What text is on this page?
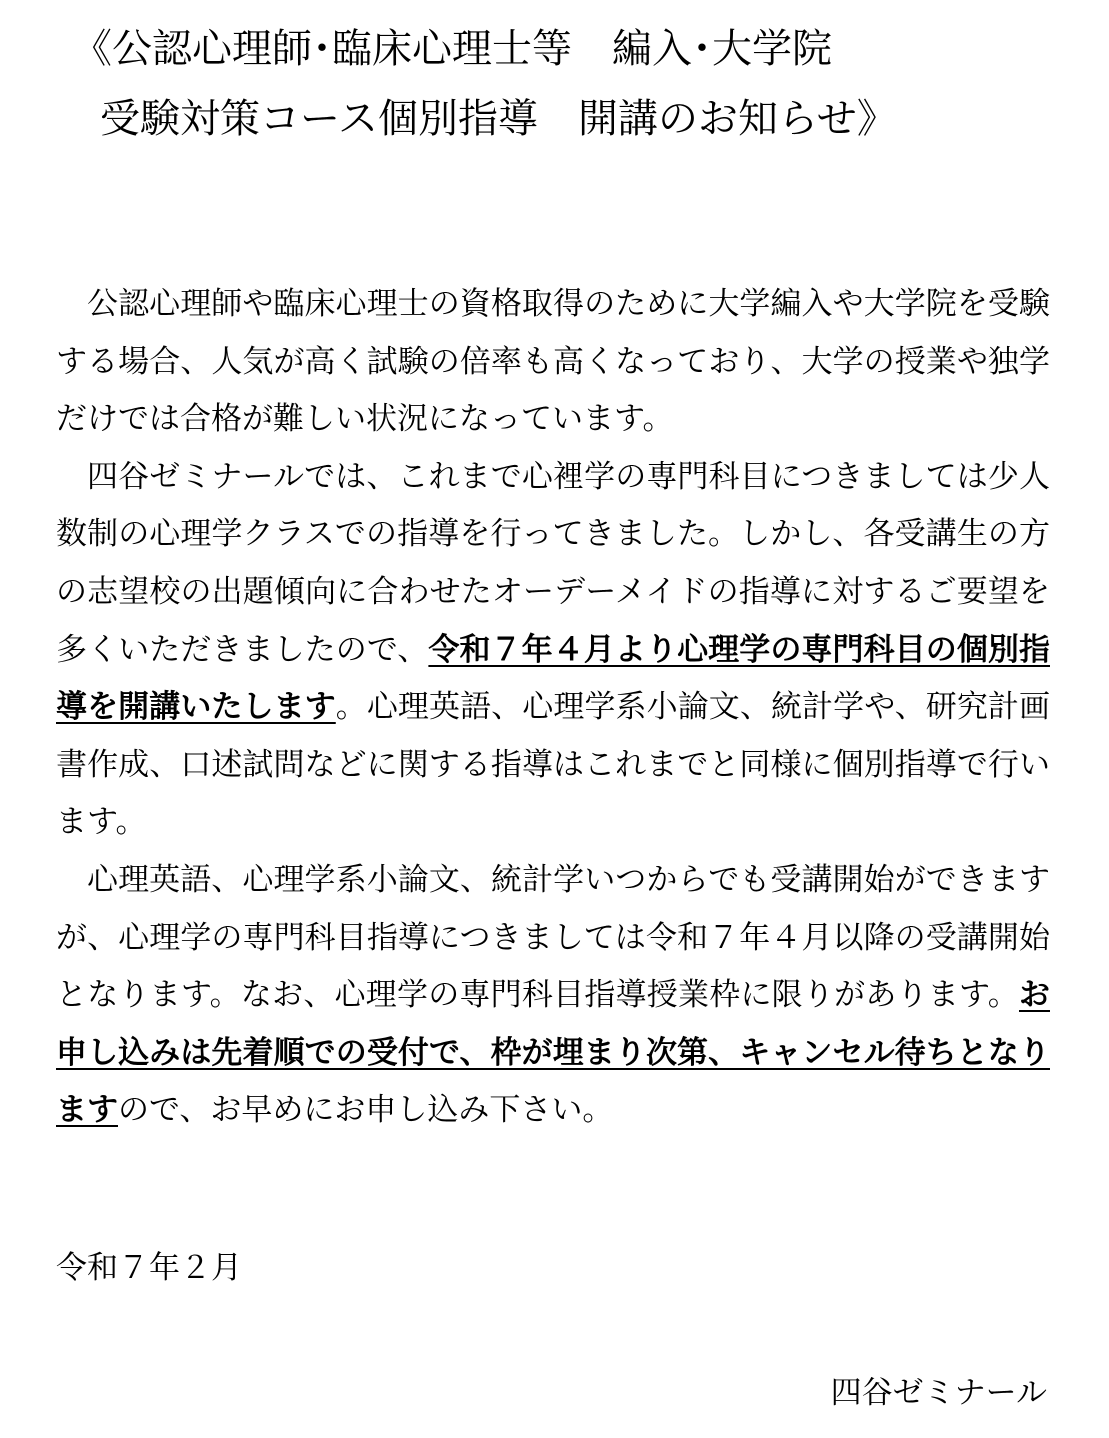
《公認心理師･臨床心理士等　編入･大学院
受験対策コース個別指導　開講のお知らせ》

公認心理師や臨床心理士の資格取得のために大学編入や大学院を受験する場合、人気が高く試験の倍率も高くなっており、大学の授業や独学だけでは合格が難しい状況になっています。

四谷ゼミナールでは、これまで心裡学の専門科目につきましては少人数制の心理学クラスでの指導を行ってきました。しかし、各受講生の方の志望校の出題傾向に合わせたオーデーメイドの指導に対するご要望を多くいただきましたので、令和７年４月より心理学の専門科目の個別指導を開講いたします。心理英語、心理学系小論文、統計学や、研究計画書作成、口述試問などに関する指導はこれまでと同様に個別指導で行います。

心理英語、心理学系小論文、統計学いつからでも受講開始ができますが、心理学の専門科目指導につきましては令和７年４月以降の受講開始となります。なお、心理学の専門科目指導授業枠に限りがあります。お申し込みは先着順での受付で、枠が埋まり次第、キャンセル待ちとなりますので、お早めにお申し込み下さい。

令和７年２月

四谷ゼミナール
